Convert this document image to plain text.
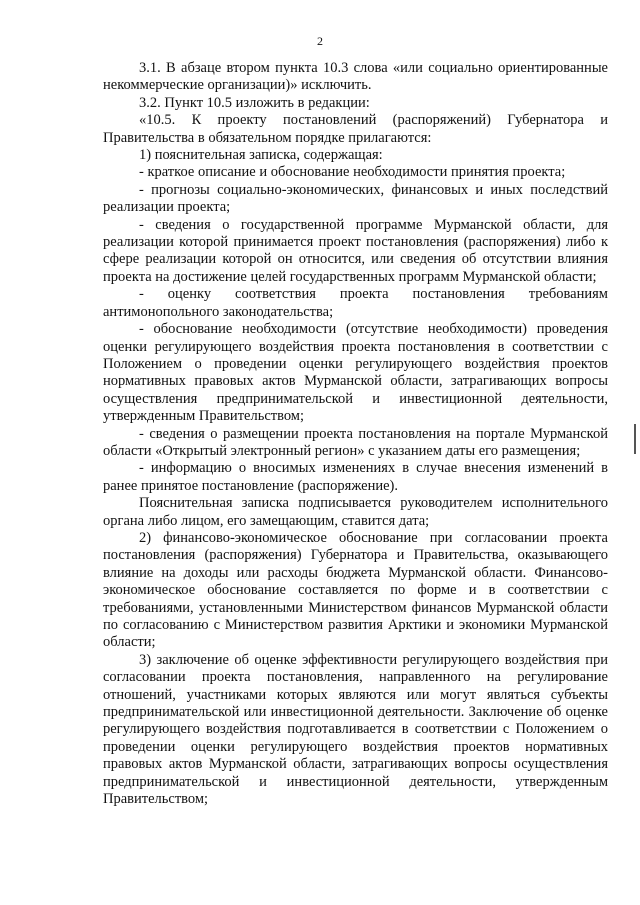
2

3.1. В абзаце втором пункта 10.3 слова «или социально ориентированные некоммерческие организации)» исключить.

3.2. Пункт 10.5 изложить в редакции:

«10.5. К проекту постановлений (распоряжений) Губернатора и Правительства в обязательном порядке прилагаются:

1) пояснительная записка, содержащая:

- краткое описание и обоснование необходимости принятия проекта;

- прогнозы социально-экономических, финансовых и иных последствий реализации проекта;

- сведения о государственной программе Мурманской области, для реализации которой принимается проект постановления (распоряжения) либо к сфере реализации которой он относится, или сведения об отсутствии влияния проекта на достижение целей государственных программ Мурманской области;

- оценку соответствия проекта постановления требованиям антимонопольного законодательства;

- обоснование необходимости (отсутствие необходимости) проведения оценки регулирующего воздействия проекта постановления в соответствии с Положением о проведении оценки регулирующего воздействия проектов нормативных правовых актов Мурманской области, затрагивающих вопросы осуществления предпринимательской и инвестиционной деятельности, утвержденным Правительством;

- сведения о размещении проекта постановления на портале Мурманской области «Открытый электронный регион» с указанием даты его размещения;

- информацию о вносимых изменениях в случае внесения изменений в ранее принятое постановление (распоряжение).

Пояснительная записка подписывается руководителем исполнительного органа либо лицом, его замещающим, ставится дата;

2) финансово-экономическое обоснование при согласовании проекта постановления (распоряжения) Губернатора и Правительства, оказывающего влияние на доходы или расходы бюджета Мурманской области. Финансово-экономическое обоснование составляется по форме и в соответствии с требованиями, установленными Министерством финансов Мурманской области по согласованию с Министерством развития Арктики и экономики Мурманской области;

3) заключение об оценке эффективности регулирующего воздействия при согласовании проекта постановления, направленного на регулирование отношений, участниками которых являются или могут являться субъекты предпринимательской или инвестиционной деятельности. Заключение об оценке регулирующего воздействия подготавливается в соответствии с Положением о проведении оценки регулирующего воздействия проектов нормативных правовых актов Мурманской области, затрагивающих вопросы осуществления предпринимательской и инвестиционной деятельности, утвержденным Правительством;
